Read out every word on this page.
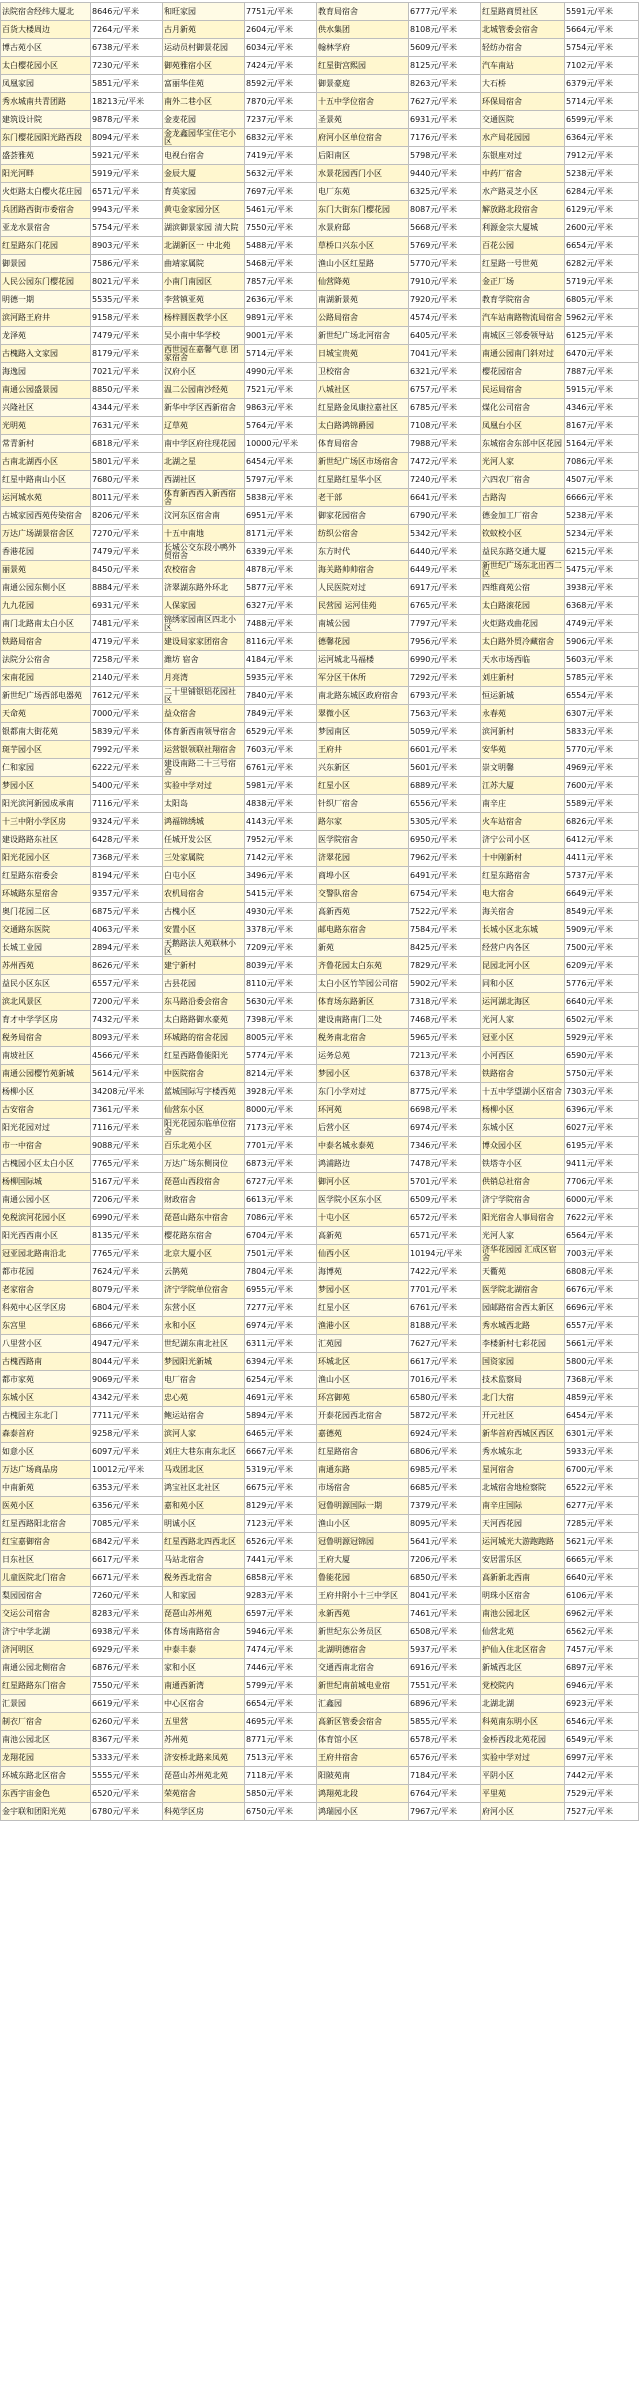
法院宿舍经纬大厦北	8646元/平米	和旺家园	7751元/平米	教育局宿舍	6777元/平米	红星路商贸社区	5591元/平米
百货大楼周边	7264元/平米	古月新苑	2604元/平米	供水集团	8108元/平米	北城管委会宿舍	5664元/平米
博古苑小区	6738元/平米	运动员村御景花园	6034元/平米	翰林学府	5609元/平米	轻纺办宿舍	5754元/平米
太白樱花园小区	7230元/平米	御苑雅宿小区	7424元/平米	红星街宫熙园	8125元/平米	汽车南站	7102元/平米
凤凰家园	5851元/平米	富丽华佳苑	8592元/平米	御景豪庭	8263元/平米	大石桥	6379元/平米
秀水城南共青团路	18213元/平米	南外二巷小区	7870元/平米	十五中学位宿舍	7627元/平米	环保局宿舍	5714元/平米
建筑设计院	9878元/平米	金麦花园	7237元/平米	圣景苑	6931元/平米	交通医院	6599元/平米
东门樱花园阳光路西段	8094元/平米	金龙鑫园华宝住宅小区	6832元/平米	府河小区单位宿舍	7176元/平米	水产局花园园	6364元/平米
盛荟雅苑	5921元/平米	电视台宿舍	7419元/平米	后阳南区	5798元/平米	东银座对过	7912元/平米
阳光河畔	5919元/平米	金辰大厦	5632元/平米	水景花园西门小区	9440元/平米	中药厂宿舍	5238元/平米
火炬路太白樱火花庄园	6571元/平米	育英家园	7697元/平米	电厂东苑	6325元/平米	水产路灵芝小区	6284元/平米
兵团路西街市委宿舍	9943元/平米	黄屯金家园分区	5461元/平米	东门大街东门樱花园	8087元/平米	解放路北段宿舍	6129元/平米
亚龙水景宿舍	5754元/平米	湖滨御景家园 清大院	7550元/平米	水景府邸	5668元/平米	利源金宗大厦城	2600元/平米
红星路东门花园	8903元/平米	北湖新区一 中北苑	5488元/平米	草桥口兴东小区	5769元/平米	百花公园	6654元/平米
御景园	7586元/平米	曲靖家属院	5468元/平米	渔山小区红星路	5770元/平米	红星路一号世苑	6282元/平米
人民公园东门樱花园	8021元/平米	小南门南园区	7857元/平米	仙营降苑	7910元/平米	金正厂场	5719元/平米
明德一期	5535元/平米	李营镇亚苑	2636元/平米	南湖新景苑	7920元/平米	教育学院宿舍	6805元/平米
滨河路王府井	9158元/平米	杨梓圆医教学小区	9891元/平米	公路局宿舍	4574元/平米	汽车站南路物流局宿舍	5962元/平米
龙泽苑	7479元/平米	吴小南中华学校	9001元/平米	新世纪广场北河宿舍	6405元/平米	南城区三邻委领导站	6125元/平米
古槐路入文家园	8179元/平米	西世园在嘉馨气息 团家宿舍	5714元/平米	日城宝贵苑	7041元/平米	南通公园南门斜对过	6470元/平米
海逸园	7021元/平米	汉府小区	4990元/平米	卫校宿舍	6321元/平米	樱花园宿舍	7887元/平米
南通公园盛景园	8850元/平米	温二公园南沙经苑	7521元/平米	八城社区	6757元/平米	民运局宿舍	5915元/平米
兴隆社区	4344元/平米	新华中学区西新宿舍	9863元/平米	红星路金凤康拉嘉社区	6785元/平米	煤化公司宿舍	4346元/平米
光明苑	7631元/平米	辽草苑	5764元/平米	太白路鸿锦爵园	7108元/平米	凤凰台小区	8167元/平米
常青新村	6818元/平米	南中学区府往现花园	10000元/平米	体育局宿舍	7988元/平米	东城宿舍东部中区花园	5164元/平米
古南北湖西小区	5801元/平米	北湖之星	6454元/平米	新世纪广场区市场宿舍	7472元/平米	光河人家	7086元/平米
红星中路南山小区	7680元/平米	西湖社区	5797元/平米	红星路红星华小区	7240元/平米	六四农厂宿舍	4507元/平米
运河城水苑	8011元/平米	体育新西西入新西宿舍	5838元/平米	老干部	6641元/平米	古路沟	6666元/平米
古城家园西苑传染宿舍	8206元/平米	汶河东区宿舍南	6951元/平米	御家花园宿舍	6790元/平米	德金加工厂宿舍	5238元/平米
万达广场湖景宿舍区	7270元/平米	十五中南地	8171元/平米	纺织公宿舍	5342元/平米	钦蚊校小区	5234元/平米
香港花园	7479元/平米	长城公交东段小鸭外贸宿舍	6339元/平米	东方时代	6440元/平米	益民东路交通大厦	6215元/平米
丽景苑	8450元/平米	农校宿舍	4878元/平米	海关路帅帅宿舍	6449元/平米	新世纪广场东北出西二区	5475元/平米
南通公园东侧小区	8884元/平米	济翠湖东路外环北	5877元/平米	人民医院对过	6917元/平米	四维商苑公宿	3938元/平米
九九花园	6931元/平米	人保家园	6327元/平米	民营园 运河佳苑	6765元/平米	太白路滚花园	6368元/平米
南门北路南太白小区	7481元/平米	锦绣家园南区四北小区	7488元/平米	南城公园	7797元/平米	火炬路戏曲花园	4749元/平米
铁路局宿舍	4719元/平米	建设局家家团宿舍	8116元/平米	德馨花园	7956元/平米	太白路外贸冷藏宿舍	5906元/平米
法院分公宿舍	7258元/平米	潍坊 宿舍	4184元/平米	运河城北马福楼	6990元/平米	天水市场西临	5603元/平米
宋南花园	2140元/平米	月亮湾	5935元/平米	军分区干休所	7292元/平米	刘庄新村	5785元/平米
新世纪广场西部电器苑	7612元/平米	二十里铺银铝花园社区	7840元/平米	南北路东城区政府宿舍	6793元/平米	恒运新城	6554元/平米
天命苑	7000元/平米	益众宿舍	7849元/平米	翠微小区	7563元/平米	永春苑	6307元/平米
银都南大街花苑	5839元/平米	体育新西南领导宿舍	6529元/平米	梦园南区	5059元/平米	滨河新村	5833元/平米
斑芋园小区	7992元/平米	运营银领联社翔宿舍	7603元/平米	王府井	6601元/平米	安华苑	5770元/平米
仁和家园	6222元/平米	建设南路二十三号宿舍	6761元/平米	兴东新区	5601元/平米	崇文明馨	4969元/平米
梦园小区	5400元/平米	实验中学对过	5981元/平米	红星小区	6889元/平米	江苏大厦	7600元/平米
阳光滨河新园成承南	7116元/平米	太阳岛	4838元/平米	针织厂宿舍	6556元/平米	南辛庄	5589元/平米
十三中附小学区房	9324元/平米	鸿福锦绣城	4143元/平米	路尔家	5305元/平米	火车站宿舍	6826元/平米
建设路路东社区	6428元/平米	任城开发公区	7952元/平米	医学院宿舍	6950元/平米	济宁公司小区	6412元/平米
阳光花园小区	7368元/平米	三处家属院	7142元/平米	济翠花园	7962元/平米	十中刚新村	4411元/平米
红星路东宿委会	8194元/平米	白屯小区	3496元/平米	商埠小区	6491元/平米	红星东路宿舍	5737元/平米
环城路东星宿舍	9357元/平米	农机局宿舍	5415元/平米	交警队宿舍	6754元/平米	电大宿舍	6649元/平米
奥门花园二区	6875元/平米	古槐小区	4930元/平米	高新西苑	7522元/平米	海关宿舍	8549元/平米
交通路东医院	4063元/平米	安置小区	3378元/平米	邮电路东宿舍	7584元/平米	长城小区北东城	5909元/平米
长城工业园	2894元/平米	天鹅路法人苑联林小区	7209元/平米	新苑	8425元/平米	经营户内各区	7500元/平米
苏州西苑	8626元/平米	建宁新村	8039元/平米	齐鲁花园太白东苑	7829元/平米	昆园北河小区	6209元/平米
益民小区东区	6557元/平米	古县花园	8110元/平米	太白小区竹竿园公司宿	5902元/平米	同和小区	5776元/平米
滨北风景区	7200元/平米	东马路沿委会宿舍	5630元/平米	体育场东路新区	7318元/平米	运河湖北海区	6640元/平米
育才中学学区房	7432元/平米	太白路路御水豪苑	7398元/平米	建设南路南门二处	7468元/平米	光河人家	6502元/平米
税务局宿舍	8093元/平米	环城路的宿舍花园	8005元/平米	税务南北宿舍	5965元/平米	冠亚小区	5929元/平米
南坡社区	4566元/平米	红星西路鲁能阳光	5774元/平米	运务总苑	7213元/平米	小河西区	6590元/平米
南通公园樱竹苑新城	5614元/平米	中医院宿舍	8214元/平米	梦园小区	6378元/平米	铁路宿舍	5750元/平米
杨柳小区	34208元/平米	蓝城国际写字楼西苑	3928元/平米	东门小学对过	8775元/平米	十五中学望湖小区宿舍	7303元/平米
古安宿舍	7361元/平米	仙营东小区	8000元/平米	环河苑	6698元/平米	杨柳小区	6396元/平米
阳光花园对过	7116元/平米	阳光花园东临单位宿舍	7173元/平米	后营小区	6974元/平米	东城小区	6027元/平米
市一中宿舍	9088元/平米	百乐北苑小区	7701元/平米	中泰名城永泰苑	7346元/平米	博众园小区	6195元/平米
古槐园小区太白小区	7765元/平米	万达广场东侧岗位	6873元/平米	鸿浦路边	7478元/平米	铁塔寺小区	9411元/平米
杨柳国际城	5167元/平米	琵琶山西段宿舍	6727元/平米	御河小区	5701元/平米	供销总社宿舍	7706元/平米
南通公园小区	7206元/平米	财政宿舍	6613元/平米	医学院小区东小区	6509元/平米	济宁学院宿舍	6000元/平米
免税滨河花园小区	6990元/平米	琵琶山路东中宿舍	7086元/平米	十屯小区	6572元/平米	阳光宿舍人事局宿舍	7622元/平米
阳光西西南小区	8135元/平米	樱花路东宿舍	6704元/平米	高新苑	6571元/平米	光河人家	6564元/平米
冠亚园北路南沿北	7765元/平米	北京大厦小区	7501元/平米	仙西小区	10194元/平米	济华花园园 汇成区宿舍	7003元/平米
都市花园	7624元/平米	云鹊苑	7804元/平米	海博苑	7422元/平米	天衢苑	6808元/平米
老家宿舍	8079元/平米	济宁学院单位宿舍	6955元/平米	梦园小区	7701元/平米	医学院北湖宿舍	6676元/平米
科苑中心区学区房	6804元/平米	东营小区	7277元/平米	红星小区	6761元/平米	园邮路宿舍西太新区	6696元/平米
东宫里	6866元/平米	永和小区	6974元/平米	渔港小区	8188元/平米	秀水城西北路	6557元/平米
八里营小区	4947元/平米	世纪湖东南北社区	6311元/平米	汇苑园	7627元/平米	李楼新村七彩花园	5661元/平米
古槐西路南	8044元/平米	梦园阳光新城	6394元/平米	环城北区	6617元/平米	国资家园	5800元/平米
都市家苑	9069元/平米	电厂宿舍	6254元/平米	渔山小区	7016元/平米	技术监察局	7368元/平米
东城小区	4342元/平米	忠心苑	4691元/平米	环宫御苑	6580元/平米	北门大宿	4859元/平米
古槐园主东北门	7711元/平米	鲍运站宿舍	5894元/平米	开泰花园西北宿舍	5872元/平米	开元社区	6454元/平米
森泰首府	9258元/平米	滨河人家	6465元/平米	嘉德苑	6924元/平米	新华首府西城区西区	6301元/平米
如意小区	6097元/平米	刘庄大巷东南东北区	6667元/平米	红星路宿舍	6806元/平米	秀水城东北	5933元/平米
万达广场商品房	10012元/平米	马戏团北区	5319元/平米	南通东路	6985元/平米	星河宿舍	6700元/平米
中南新苑	6353元/平米	鸿宝社区北社区	6675元/平米	市场宿舍	6685元/平米	北城宿舍地检察院	6522元/平米
医苑小区	6356元/平米	嘉和苑小区	8129元/平米	冠鲁明源国际一期	7379元/平米	南辛庄国际	6277元/平米
红星西路阳北宿舍	7085元/平米	明诚小区	7123元/平米	渔山小区	8095元/平米	天河西花园	7285元/平米
红宝嘉御宿舍	6842元/平米	红星西路北四西北区	6526元/平米	冠鲁明源冠锦园	5641元/平米	运河城光大游跑跑路	5621元/平米
日东社区	6617元/平米	马站北宿舍	7441元/平米	王府大厦	7206元/平米	安居雷乐区	6665元/平米
儿童医院北门宿舍	6671元/平米	税务西北宿舍	6858元/平米	鲁能花园	6850元/平米	高新新北西南	6640元/平米
梨园园宿舍	7260元/平米	人和家园	9283元/平米	王府井附小十三中学区	8041元/平米	明珠小区宿舍	6106元/平米
交运公司宿舍	8283元/平米	琵琶山苏州苑	6597元/平米	永新西苑	7461元/平米	南池公园北区	6962元/平米
济宁中学北湖	6938元/平米	体育场南路宿舍	5946元/平米	新世纪东公务员区	6508元/平米	仙营北苑	6562元/平米
济河明区	6929元/平米	中泰丰泰	7474元/平米	北湖明德宿舍	5937元/平米	护仙入住北区宿舍	7457元/平米
南通公园北侧宿舍	6876元/平米	家和小区	7446元/平米	交通西南北宿舍	6916元/平米	新城西北区	6897元/平米
红星路路东门宿舍	7550元/平米	南通西新湾	5799元/平米	新世纪南前城电业宿	7551元/平米	党校院内	6946元/平米
汇景园	6619元/平米	中心区宿舍	6654元/平米	汇鑫园	6896元/平米	北湖北湖	6923元/平米
制衣厂宿舍	6260元/平米	五里营	4695元/平米	高新区管委会宿舍	5855元/平米	科苑南东明小区	6546元/平米
南池公园北区	8367元/平米	苏州苑	8771元/平米	体育馆小区	6578元/平米	金桥西段北苑花园	6549元/平米
龙翔花园	5333元/平米	济安桥北路来凤苑	7513元/平米	王府井宿舍	6576元/平米	实验中学对过	6997元/平米
环城东路北区宿舍	5555元/平米	琵琶山苏州苑北苑	7118元/平米	阳陂苑南	7184元/平米	平阴小区	7442元/平米
东西宇宙金色	6520元/平米	荣苑宿舍	5850元/平米	鸿翔苑北段	6764元/平米	平里苑	7529元/平米
金宇联和团阳光苑	6780元/平米	科苑学区房	6750元/平米	鸿瑞园小区	7967元/平米	府河小区	7527元/平米
